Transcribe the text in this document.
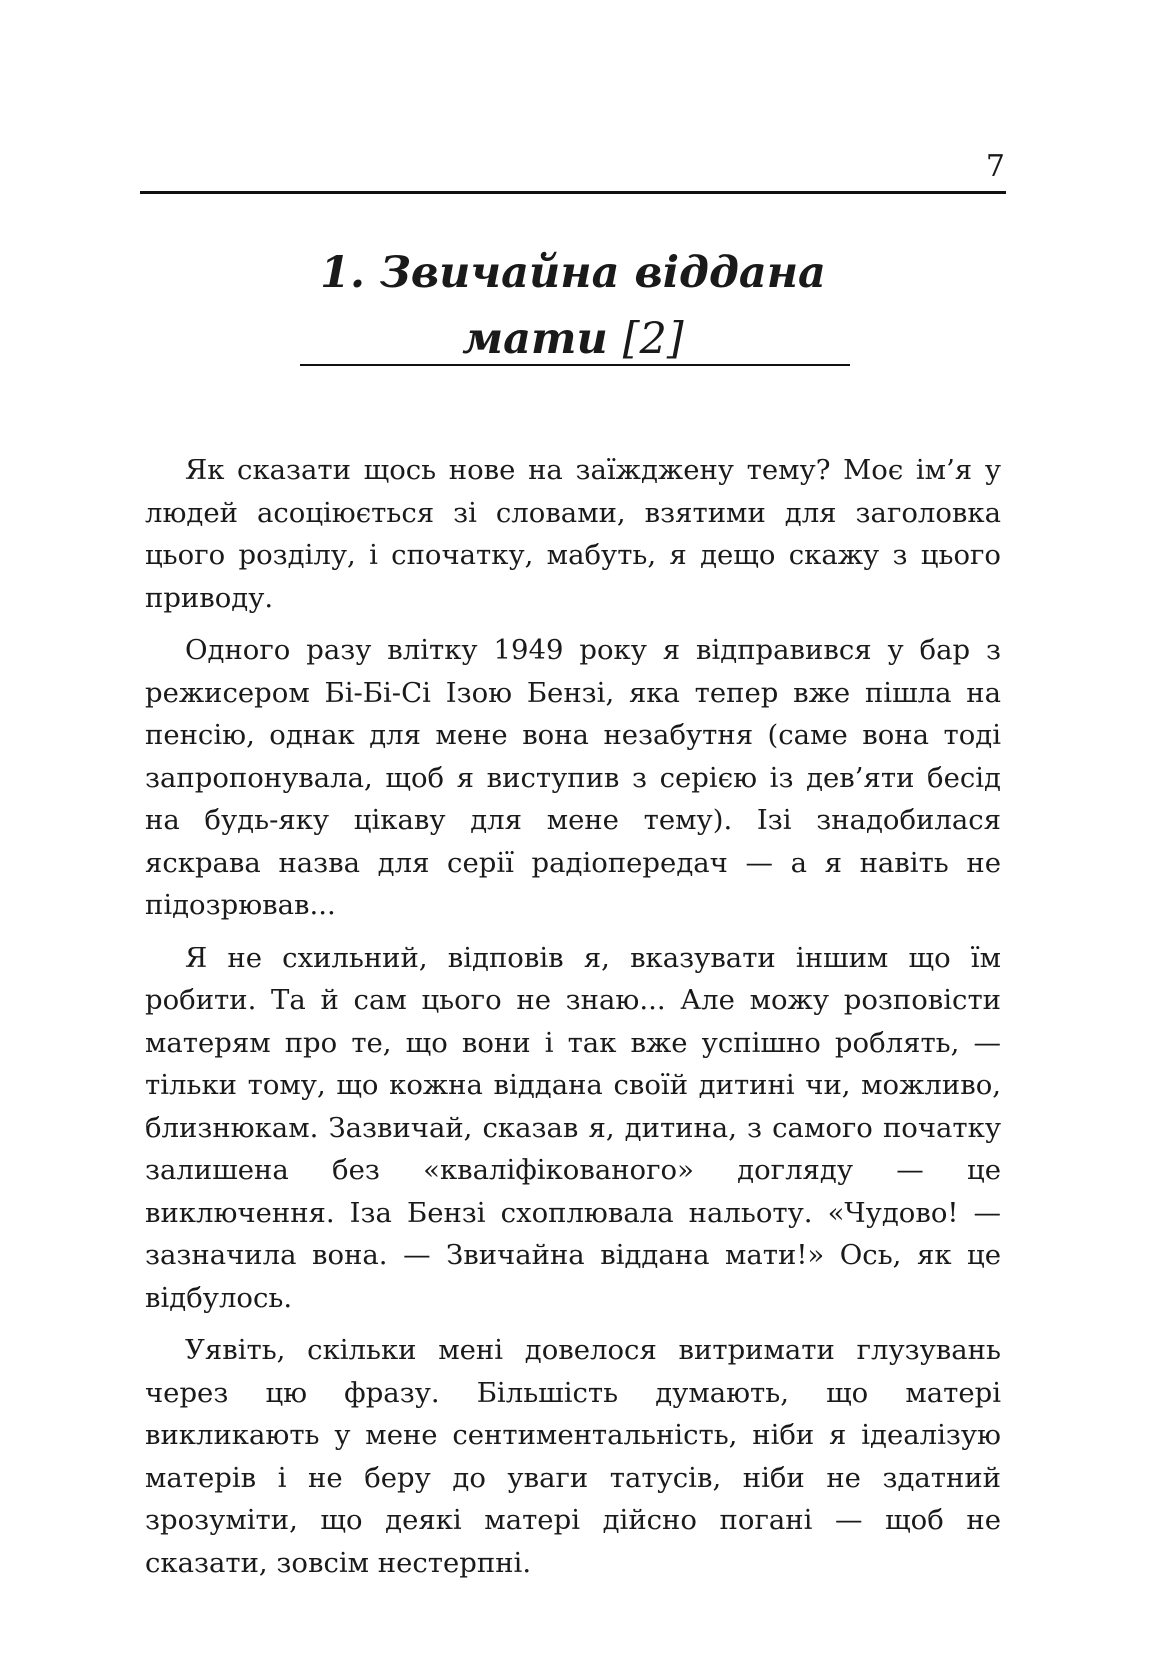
7
1. Звичайна віддана
мати [2]

Як сказати щось нове на заїжджену тему? Моє ім’я у людей асоціюється зі словами, взятими для заголовка цього розділу, і спочатку, мабуть, я дещо скажу з цього приводу.

Одного разу влітку 1949 року я відправився у бар з режисером Бі-Бі-Сі Ізою Бензі, яка тепер вже пішла на пенсію, однак для мене вона незабутня (саме вона тоді запропонувала, щоб я виступив з серією із дев’яти бесід на будь-яку цікаву для мене тему). Ізі знадобилася яскрава назва для серії радіопередач — а я навіть не підозрював...

Я не схильний, відповів я, вказувати іншим що їм робити. Та й сам цього не знаю... Але можу розповісти матерям про те, що вони і так вже успішно роблять, — тільки тому, що кожна віддана своїй дитині чи, можливо, близнюкам. Зазвичай, сказав я, дитина, з самого початку залишена без «кваліфікованого» догляду — це виключення. Іза Бензі схоплювала нальоту. «Чудово! — зазначила вона. — Звичайна віддана мати!» Ось, як це відбулось.

Уявіть, скільки мені довелося витримати глузувань через цю фразу. Більшість думають, що матері викликають у мене сентиментальність, ніби я ідеалізую матерів і не беру до уваги татусів, ніби не здатний зрозуміти, що деякі матері дійсно погані — щоб не сказати, зовсім нестерпні.
